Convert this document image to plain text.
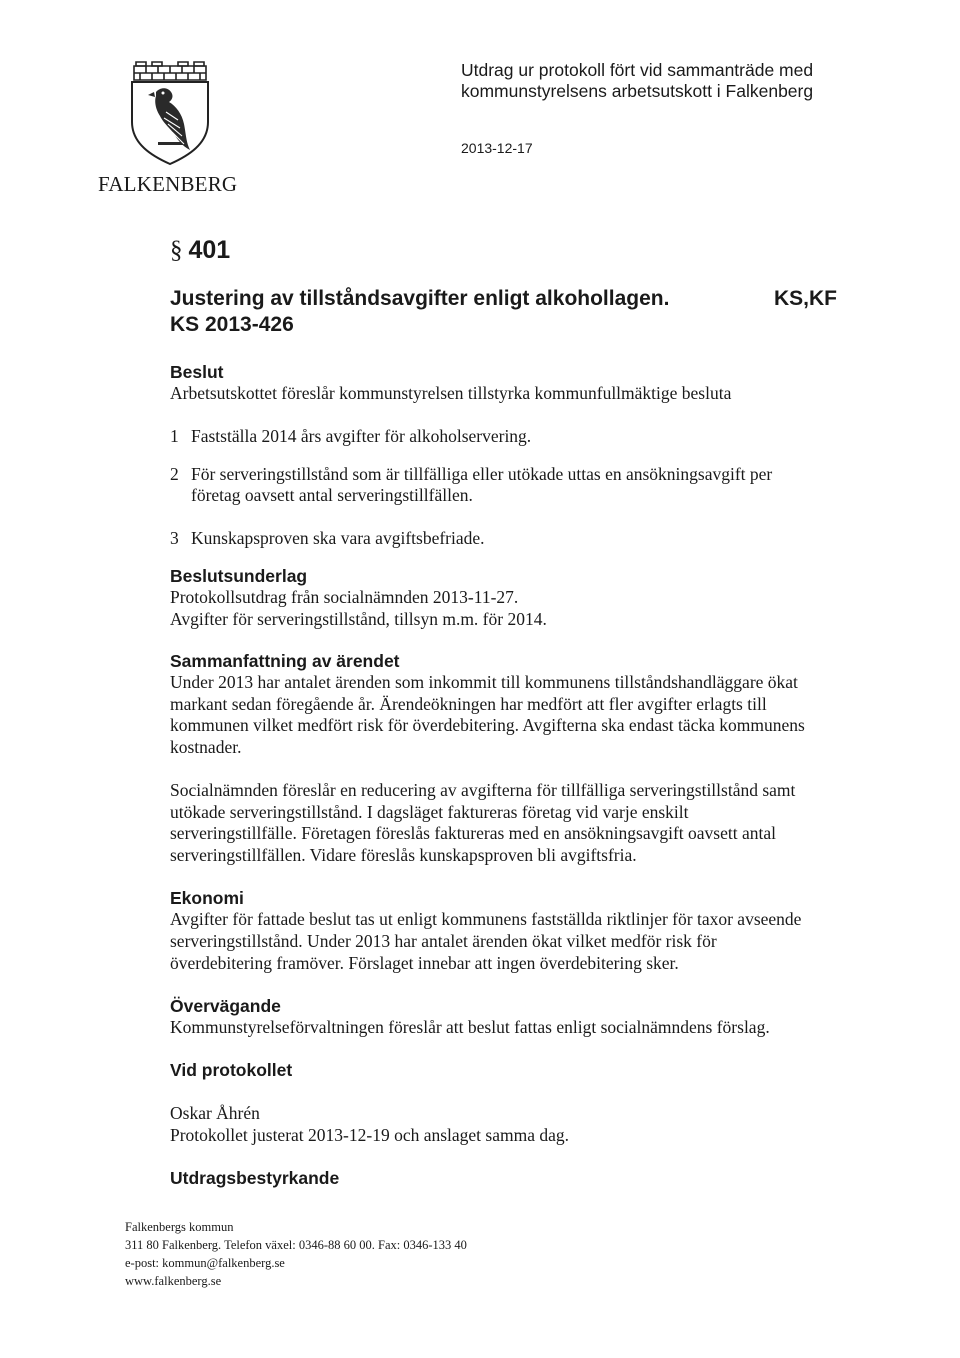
FALKENBERG
Utdrag ur protokoll fört vid sammanträde med kommunstyrelsens arbetsutskott i Falkenberg
2013-12-17
§ 401
Justering av tillståndsavgifter enligt alkohollagen.
KS 2013-426
KS,KF
Beslut
Arbetsutskottet föreslår kommunstyrelsen tillstyrka kommunfullmäktige besluta
1 Fastställa 2014 års avgifter för alkoholservering.
2 För serveringstillstånd som är tillfälliga eller utökade uttas en ansökningsavgift per
företag oavsett antal serveringstillfällen.
3 Kunskapsproven ska vara avgiftsbefriade.
Beslutsunderlag
Protokollsutdrag från socialnämnden 2013-11-27.
Avgifter för serveringstillstånd, tillsyn m.m. för 2014.
Sammanfattning av ärendet
Under 2013 har antalet ärenden som inkommit till kommunens tillståndshandläggare ökat
markant sedan föregående år. Ärendeökningen har medfört att fler avgifter erlagts till
kommunen vilket medfört risk för överdebitering. Avgifterna ska endast täcka kommunens
kostnader.
Socialnämnden föreslår en reducering av avgifterna för tillfälliga serveringstillstånd samt
utökade serveringstillstånd. I dagsläget faktureras företag vid varje enskilt
serveringstillfälle. Företagen föreslås faktureras med en ansökningsavgift oavsett antal
serveringstillfällen. Vidare föreslås kunskapsproven bli avgiftsfria.
Ekonomi
Avgifter för fattade beslut tas ut enligt kommunens fastställda riktlinjer för taxor avseende
serveringstillstånd. Under 2013 har antalet ärenden ökat vilket medför risk för
överdebitering framöver. Förslaget innebar att ingen överdebitering sker.
Övervägande
Kommunstyrelseförvaltningen föreslår att beslut fattas enligt socialnämndens förslag.
Vid protokollet
Oskar Åhrén
Protokollet justerat 2013-12-19 och anslaget samma dag.
Utdragsbestyrkande
Falkenbergs kommun
311 80 Falkenberg. Telefon växel: 0346-88 60 00. Fax: 0346-133 40
e-post: kommun@falkenberg.se
www.falkenberg.se
